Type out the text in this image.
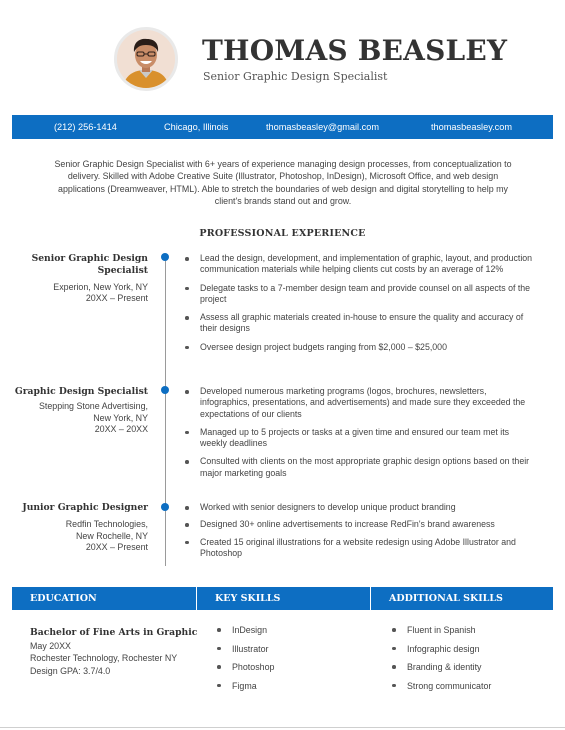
THOMAS BEASLEY
Senior Graphic Design Specialist
(212) 256-1414	Chicago, Illinois	thomasbeasley@gmail.com	thomasbeasley.com
Senior Graphic Design Specialist with 6+ years of experience managing design processes, from conceptualization to delivery. Skilled with Adobe Creative Suite (Illustrator, Photoshop, InDesign), Microsoft Office, and web design applications (Dreamweaver, HTML). Able to stretch the boundaries of web design and digital storytelling to help my client's brands stand out and grow.
PROFESSIONAL EXPERIENCE
Senior Graphic Design
Specialist
Experion, New York, NY
20XX – Present
Lead the design, development, and implementation of graphic, layout, and production communication materials while helping clients cut costs by an average of 12%
Delegate tasks to a 7-member design team and provide counsel on all aspects of the project
Assess all graphic materials created in-house to ensure the quality and accuracy of their designs
Oversee design project budgets ranging from $2,000 – $25,000
Graphic Design Specialist
Stepping Stone Advertising,
New York, NY
20XX – 20XX
Developed numerous marketing programs (logos, brochures, newsletters, infographics, presentations, and advertisements) and made sure they exceeded the expectations of our clients
Managed up to 5 projects or tasks at a given time and ensured our team met its weekly deadlines
Consulted with clients on the most appropriate graphic design options based on their major marketing goals
Junior Graphic Designer
Redfin Technologies,
New Rochelle, NY
20XX – Present
Worked with senior designers to develop unique product branding
Designed 30+ online advertisements to increase RedFin's brand awareness
Created 15 original illustrations for a website redesign using Adobe Illustrator and Photoshop
EDUCATION	KEY SKILLS	ADDITIONAL SKILLS
Bachelor of Fine Arts in Graphic
May 20XX
Rochester Technology, Rochester NY
Design GPA: 3.7/4.0
InDesign
Illustrator
Photoshop
Figma
Fluent in Spanish
Infographic design
Branding & identity
Strong communicator
